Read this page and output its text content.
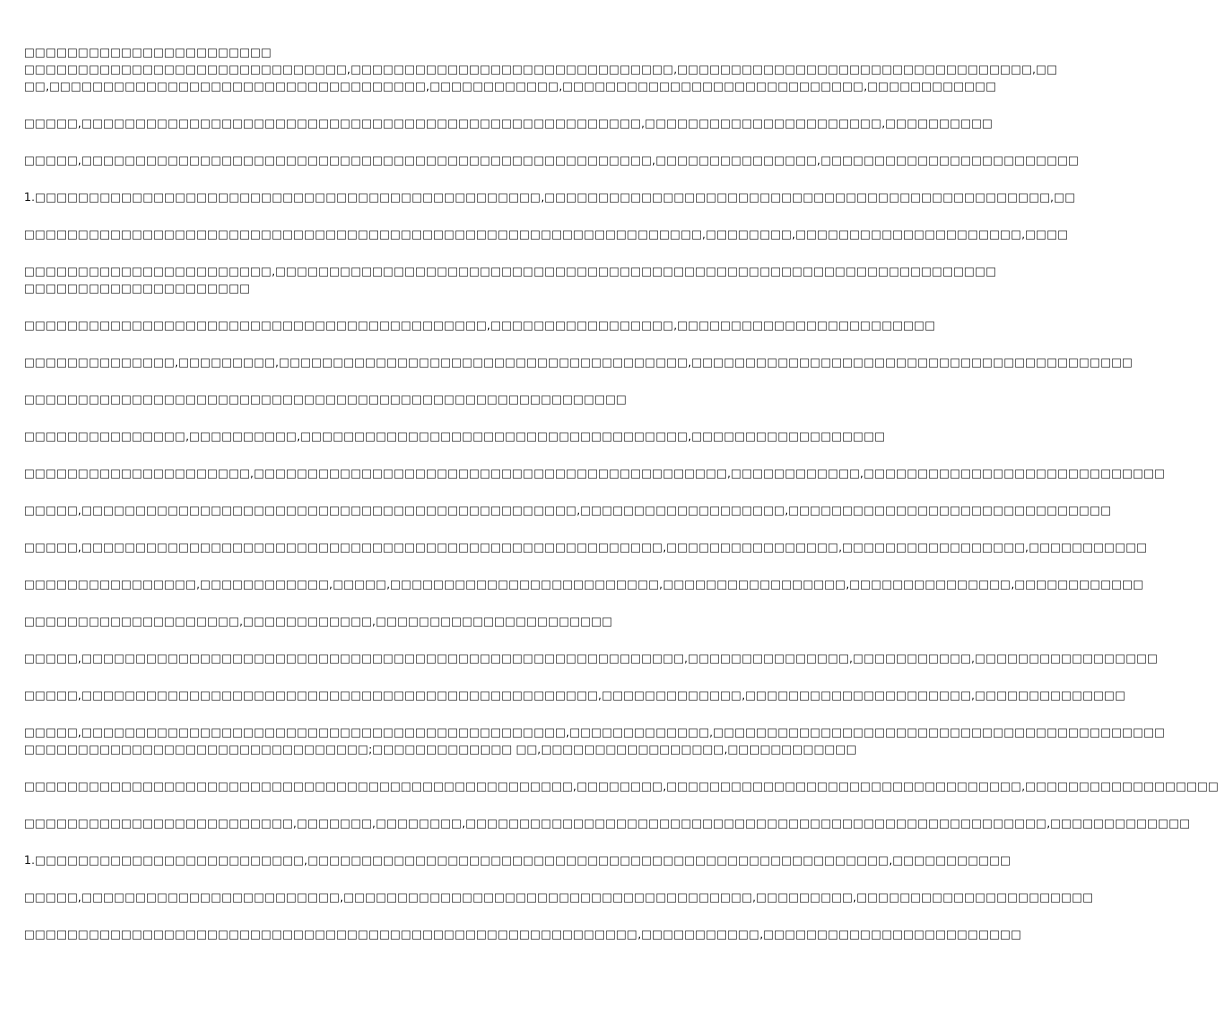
□□□□□□□□□□□□□□□□□□□□□□□
□□□□□□□□□□□□□□□□□□□□□□□□□□□□□□,□□□□□□□□□□□□□□□□□□□□□□□□□□□□□□,□□□□□□□□□□□□□□□□□□□□□□□□□□□□□□□□□,□□
□□,□□□□□□□□□□□□□□□□□□□□□□□□□□□□□□□□□□□,□□□□□□□□□□□□,□□□□□□□□□□□□□□□□□□□□□□□□□□□□,□□□□□□□□□□□□
□□□□□,□□□□□□□□□□□□□□□□□□□□□□□□□□□□□□□□□□□□□□□□□□□□□□□□□□□□,□□□□□□□□□□□□□□□□□□□□□□,□□□□□□□□□□
□□□□□,□□□□□□□□□□□□□□□□□□□□□□□□□□□□□□□□□□□□□□□□□□□□□□□□□□□□□,□□□□□□□□□□□□□□□,□□□□□□□□□□□□□□□□□□□□□□□□
1.□□□□□□□□□□□□□□□□□□□□□□□□□□□□□□□□□□□□□□□□□□□□□□□,□□□□□□□□□□□□□□□□□□□□□□□□□□□□□□□□□□□□□□□□□□□□□□□,□□
□□□□□□□□□□□□□□□□□□□□□□□□□□□□□□□□□□□□□□□□□□□□□□□□□□□□□□□□□□□□□□□,□□□□□□□□,□□□□□□□□□□□□□□□□□□□□□,□□□□
□□□□□□□□□□□□□□□□□□□□□□□,□□□□□□□□□□□□□□□□□□□□□□□□□□□□□□□□□□□□□□□□□□□□□□□□□□□□□□□□□□□□□□□□□□□
□□□□□□□□□□□□□□□□□□□□□
□□□□□□□□□□□□□□□□□□□□□□□□□□□□□□□□□□□□□□□□□□□,□□□□□□□□□□□□□□□□□,□□□□□□□□□□□□□□□□□□□□□□□□
□□□□□□□□□□□□□□,□□□□□□□□□,□□□□□□□□□□□□□□□□□□□□□□□□□□□□□□□□□□□□□□,□□□□□□□□□□□□□□□□□□□□□□□□□□□□□□□□□□□□□□□□□
□□□□□□□□□□□□□□□□□□□□□□□□□□□□□□□□□□□□□□□□□□□□□□□□□□□□□□□□
□□□□□□□□□□□□□□□,□□□□□□□□□□,□□□□□□□□□□□□□□□□□□□□□□□□□□□□□□□□□□□□,□□□□□□□□□□□□□□□□□□
□□□□□□□□□□□□□□□□□□□□□,□□□□□□□□□□□□□□□□□□□□□□□□□□□□□□□□□□□□□□□□□□□□,□□□□□□□□□□□□,□□□□□□□□□□□□□□□□□□□□□□□□□□□□
□□□□□,□□□□□□□□□□□□□□□□□□□□□□□□□□□□□□□□□□□□□□□□□□□□□□,□□□□□□□□□□□□□□□□□□□,□□□□□□□□□□□□□□□□□□□□□□□□□□□□□□
□□□□□,□□□□□□□□□□□□□□□□□□□□□□□□□□□□□□□□□□□□□□□□□□□□□□□□□□□□□□,□□□□□□□□□□□□□□□□,□□□□□□□□□□□□□□□□□,□□□□□□□□□□□
□□□□□□□□□□□□□□□□,□□□□□□□□□□□□,□□□□□,□□□□□□□□□□□□□□□□□□□□□□□□□,□□□□□□□□□□□□□□□□□,□□□□□□□□□□□□□□□,□□□□□□□□□□□□
□□□□□□□□□□□□□□□□□□□□,□□□□□□□□□□□□,□□□□□□□□□□□□□□□□□□□□□□
□□□□□,□□□□□□□□□□□□□□□□□□□□□□□□□□□□□□□□□□□□□□□□□□□□□□□□□□□□□□□□,□□□□□□□□□□□□□□□,□□□□□□□□□□□,□□□□□□□□□□□□□□□□□
□□□□□,□□□□□□□□□□□□□□□□□□□□□□□□□□□□□□□□□□□□□□□□□□□□□□□□,□□□□□□□□□□□□□,□□□□□□□□□□□□□□□□□□□□□,□□□□□□□□□□□□□□
□□□□□,□□□□□□□□□□□□□□□□□□□□□□□□□□□□□□□□□□□□□□□□□□□□□,□□□□□□□□□□□□□,□□□□□□□□□□□□□□□□□□□□□□□□□□□□□□□□□□□□□□□□□□
□□□□□□□□□□□□□□□□□□□□□□□□□□□□□□□□;□□□□□□□□□□□□□ □□,□□□□□□□□□□□□□□□□□,□□□□□□□□□□□□
□□□□□□□□□□□□□□□□□□□□□□□□□□□□□□□□□□□□□□□□□□□□□□□□□□□,□□□□□□□□,□□□□□□□□□□□□□□□□□□□□□□□□□□□□□□□□□,□□□□□□□□□□□□□□□□□□
□□□□□□□□□□□□□□□□□□□□□□□□□,□□□□□□□,□□□□□□□□,□□□□□□□□□□□□□□□□□□□□□□□□□□□□□□□□□□□□□□□□□□□□□□□□□□□□□□,□□□□□□□□□□□□□
1.□□□□□□□□□□□□□□□□□□□□□□□□□,□□□□□□□□□□□□□□□□□□□□□□□□□□□□□□□□□□□□□□□□□□□□□□□□□□□□□□,□□□□□□□□□□□
□□□□□,□□□□□□□□□□□□□□□□□□□□□□□□,□□□□□□□□□□□□□□□□□□□□□□□□□□□□□□□□□□□□□□,□□□□□□□□□,□□□□□□□□□□□□□□□□□□□□□□
□□□□□□□□□□□□□□□□□□□□□□□□□□□□□□□□□□□□□□□□□□□□□□□□□□□□□□□□□,□□□□□□□□□□□,□□□□□□□□□□□□□□□□□□□□□□□□
